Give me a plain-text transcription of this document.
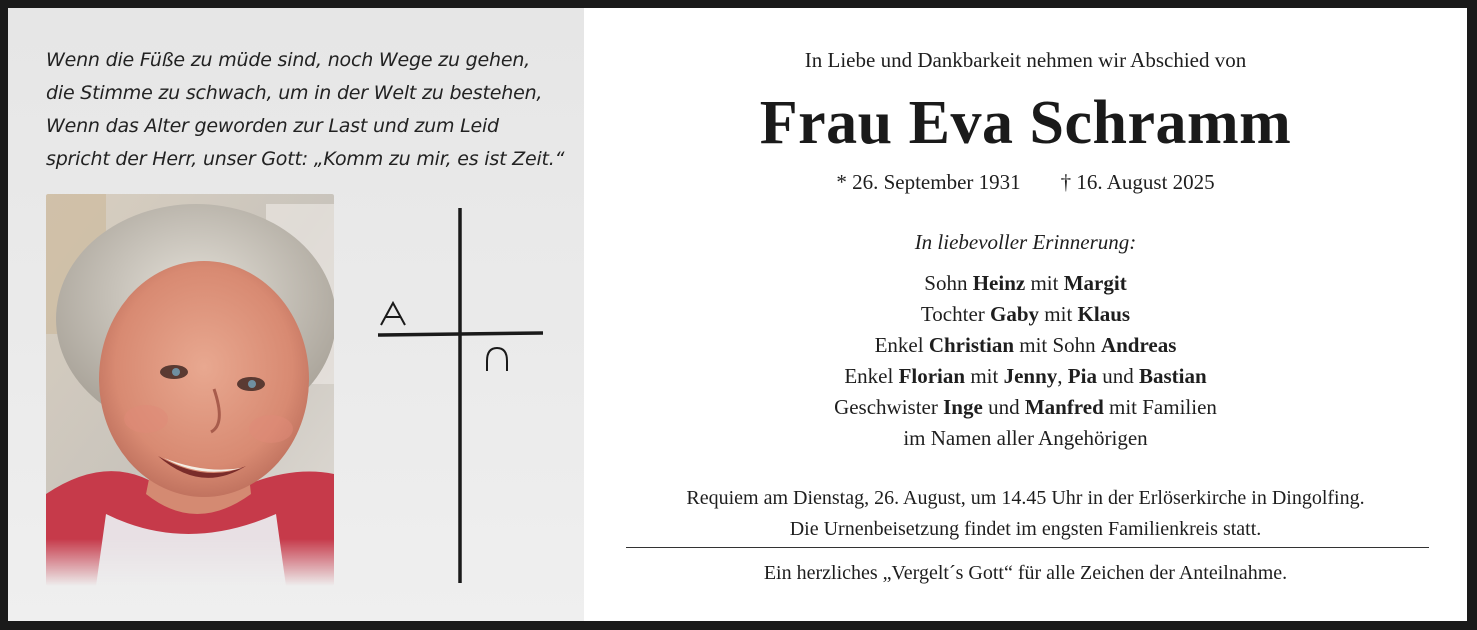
Wenn die Füße zu müde sind, noch Wege zu gehen,
die Stimme zu schwach, um in der Welt zu bestehen,
Wenn das Alter geworden zur Last und zum Leid
spricht der Herr, unser Gott: „Komm zu mir, es ist Zeit.“
In Liebe und Dankbarkeit nehmen wir Abschied von
Frau Eva Schramm
* 26. September 1931 † 16. August 2025
In liebevoller Erinnerung:
Sohn Heinz mit Margit
Tochter Gaby mit Klaus
Enkel Christian mit Sohn Andreas
Enkel Florian mit Jenny, Pia und Bastian
Geschwister Inge und Manfred mit Familien
im Namen aller Angehörigen
Requiem am Dienstag, 26. August, um 14.45 Uhr in der Erlöserkirche in Dingolfing.
Die Urnenbeisetzung findet im engsten Familienkreis statt.
Ein herzliches „Vergelt´s Gott“ für alle Zeichen der Anteilnahme.
